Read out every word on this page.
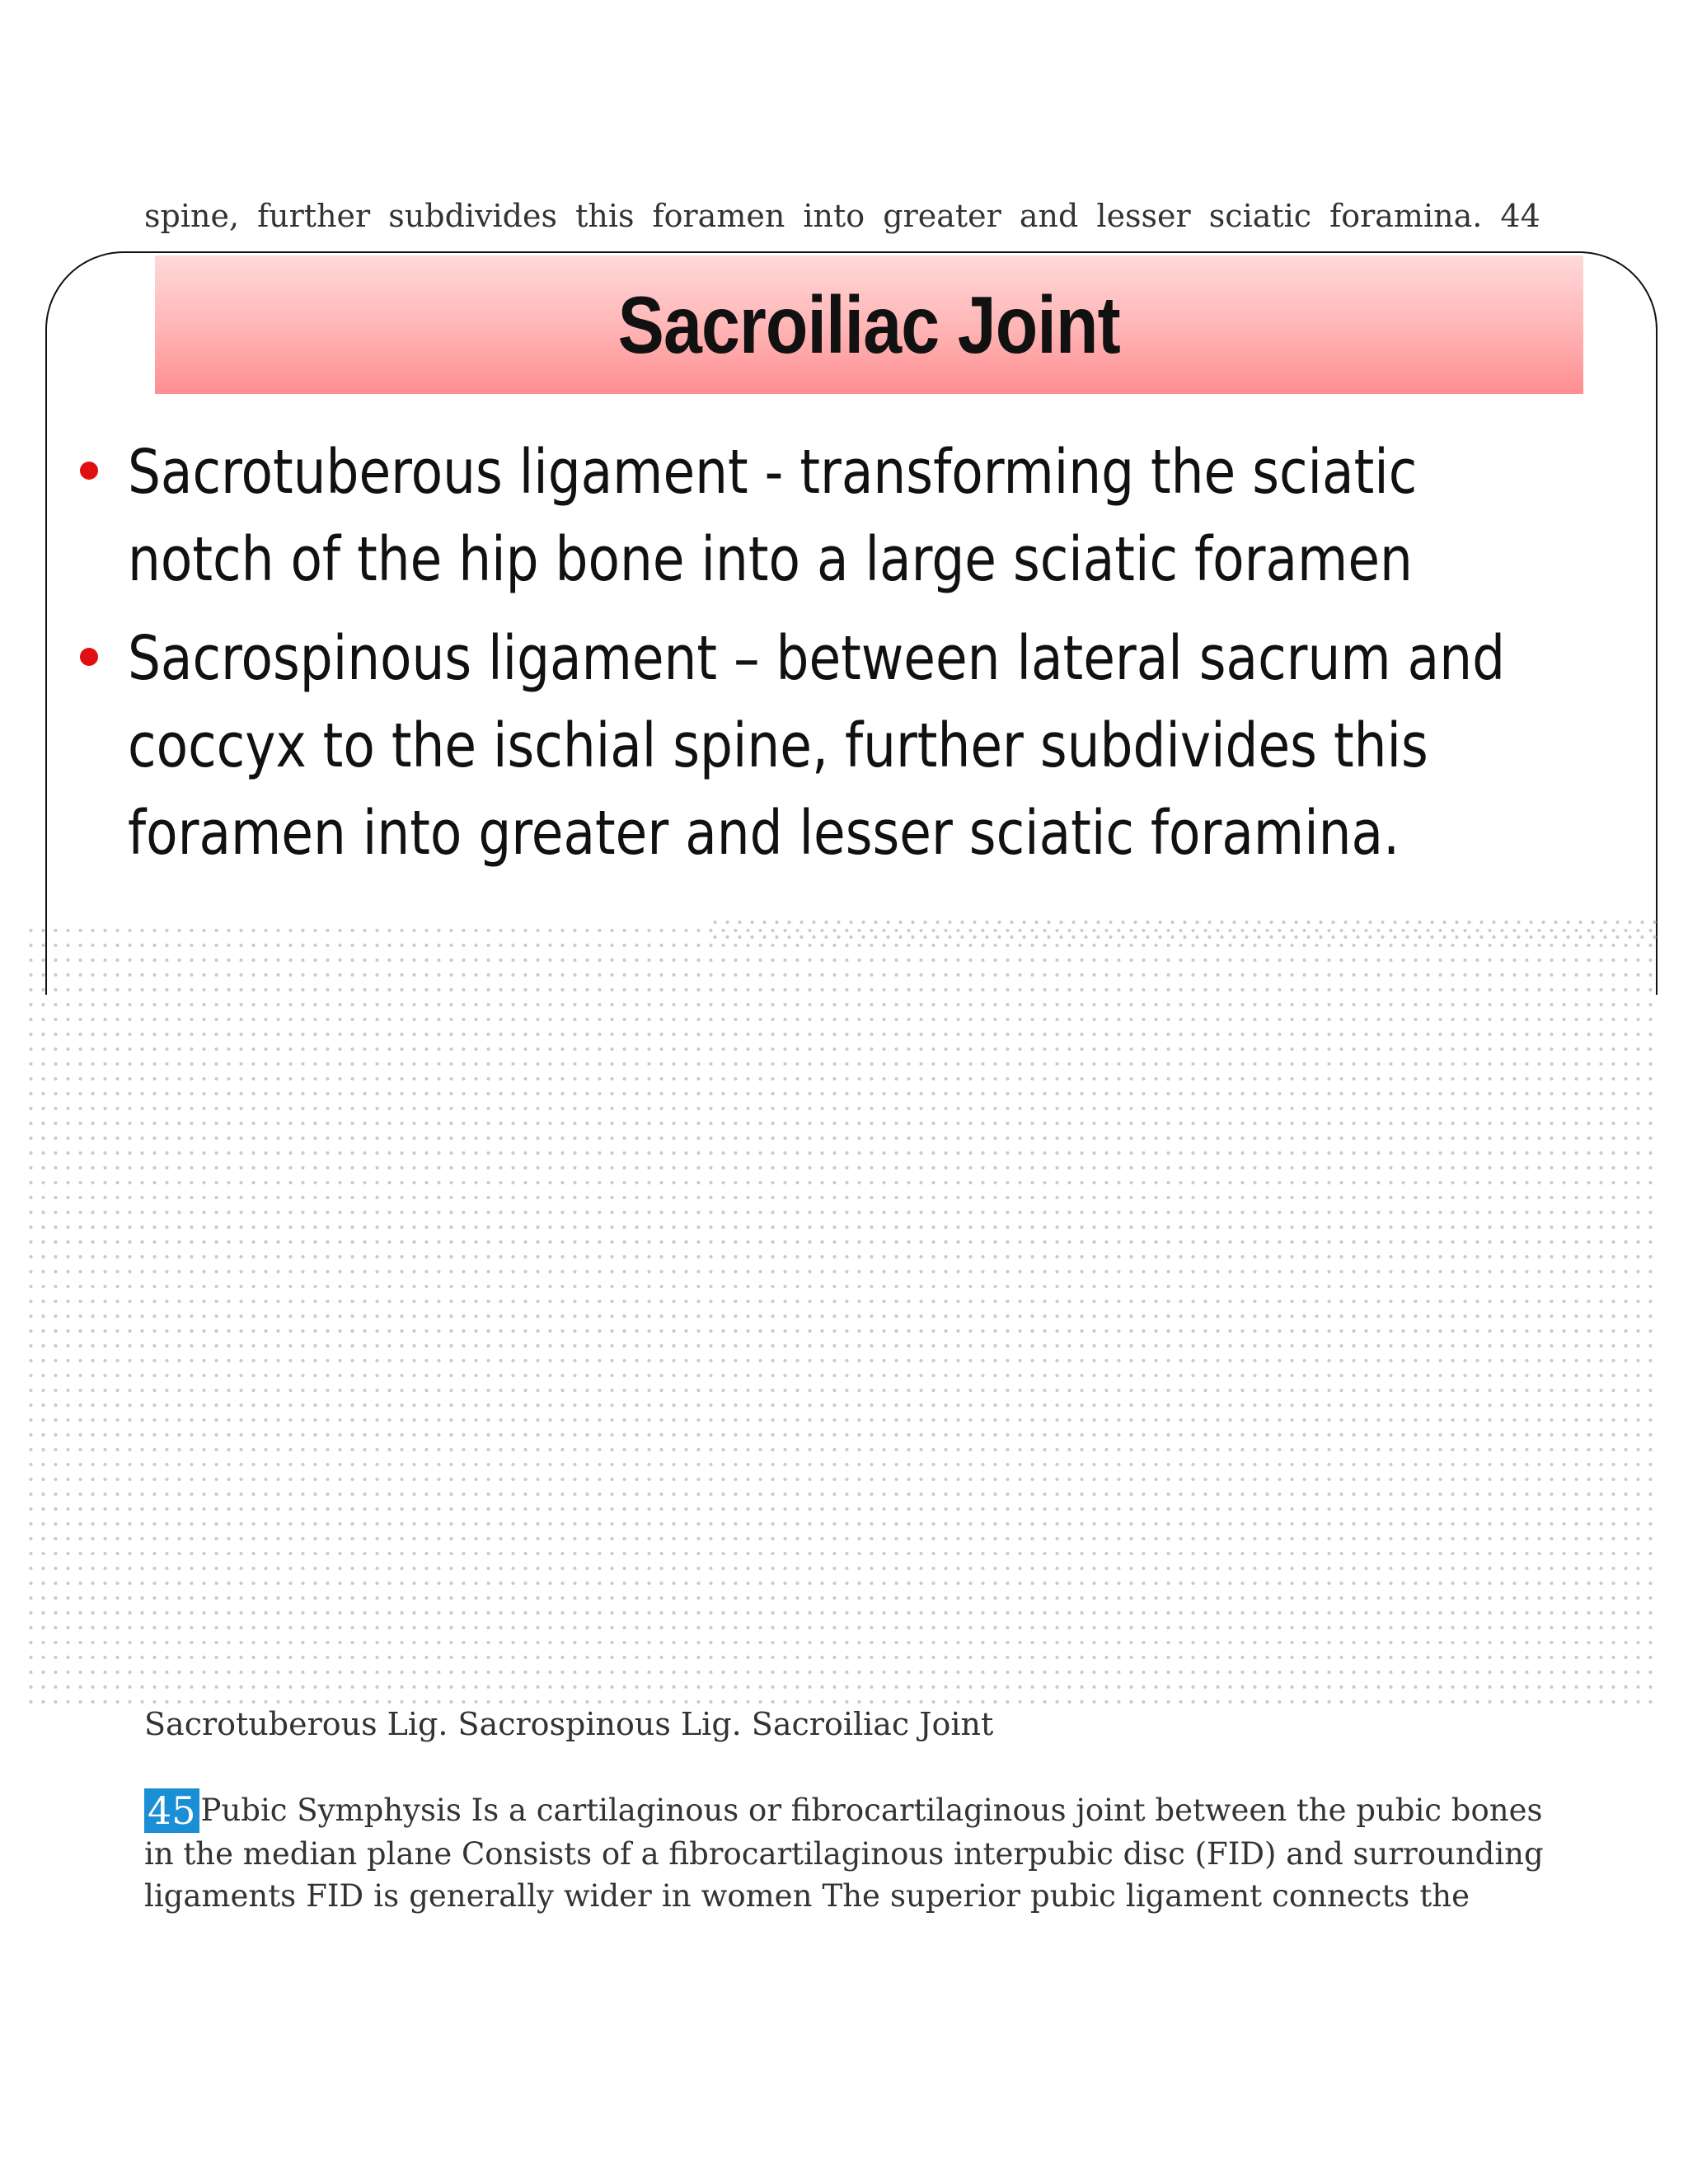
spine, further subdivides this foramen into greater and lesser sciatic foramina. 44
Sacroiliac Joint
Sacrotuberous ligament - transforming the sciatic
notch of the hip bone into a large sciatic foramen
Sacrospinous ligament – between lateral sacrum and
coccyx to the ischial spine, further subdivides this
foramen into greater and lesser sciatic foramina.
Sacrotuberous Lig. Sacrospinous Lig. Sacroiliac Joint
45 Pubic Symphysis Is a cartilaginous or fibrocartilaginous joint between the pubic bones
in the median plane Consists of a fibrocartilaginous interpubic disc (FID) and surrounding
ligaments FID is generally wider in women The superior pubic ligament connects the
